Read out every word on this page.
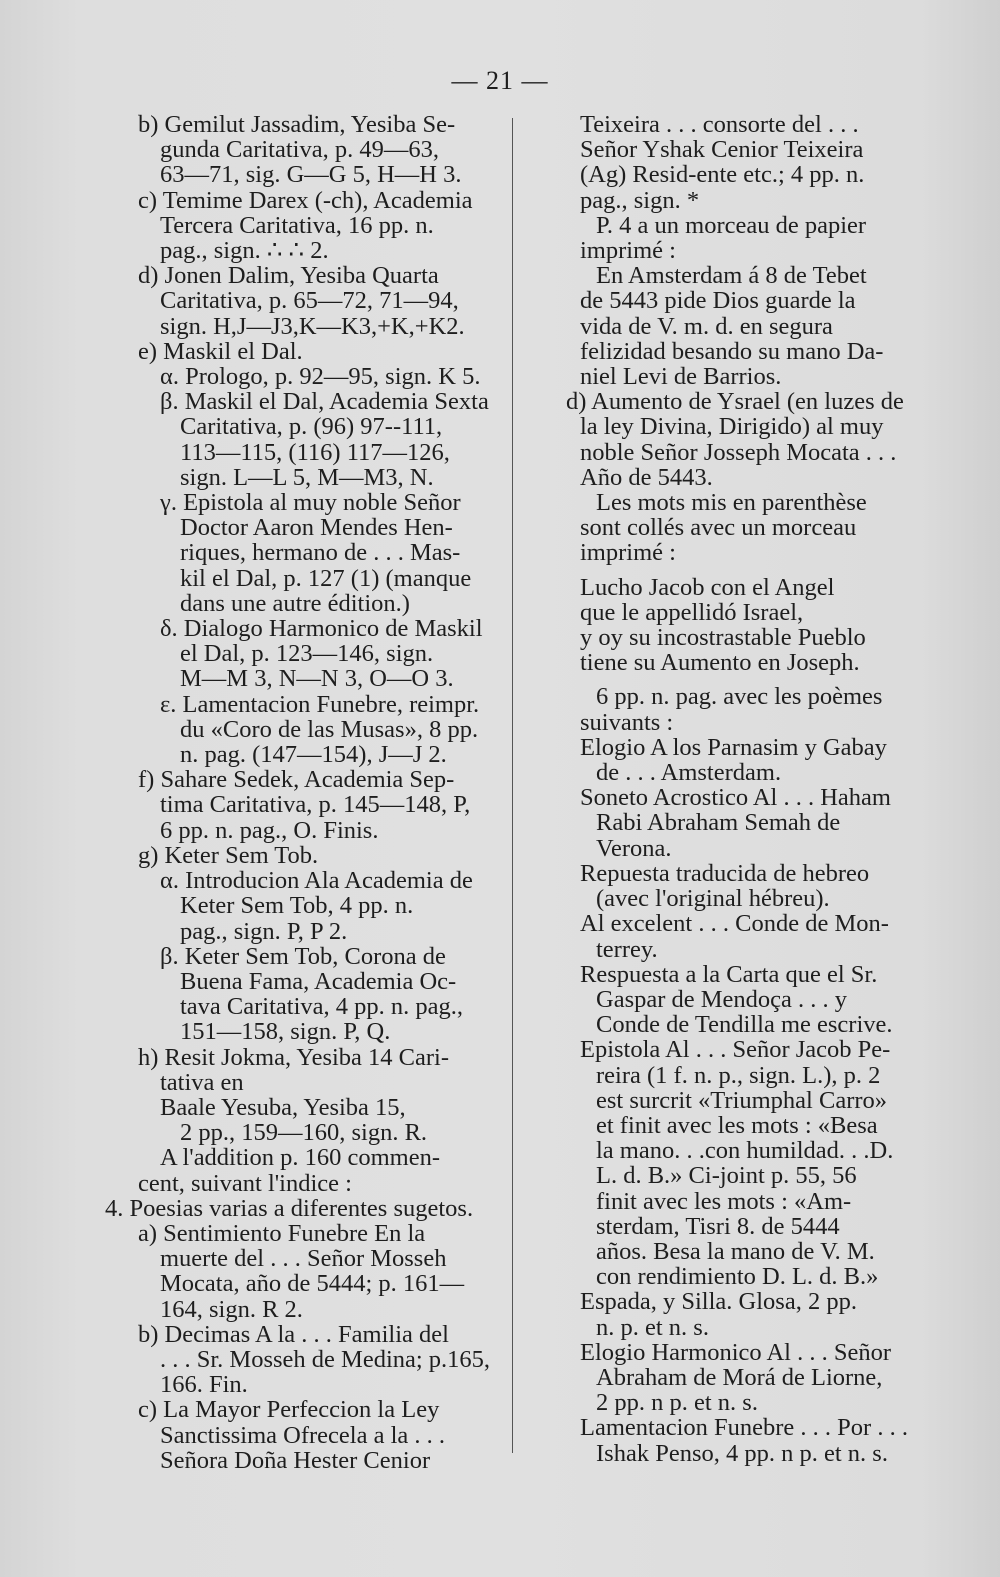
— 21 —
b) Gemilut Jassadim, Yesiba Se-
gunda Caritativa, p. 49—63,
63—71, sig. G—G 5, H—H 3.
c) Temime Darex (-ch), Academia
Tercera Caritativa, 16 pp. n.
pag., sign. ∴ ∴ 2.
d) Jonen Dalim, Yesiba Quarta
Caritativa, p. 65—72, 71—94,
sign. H,J—J3,K—K3,+K,+K2.
e) Maskil el Dal.
α. Prologo, p. 92—95, sign. K 5.
β. Maskil el Dal, Academia Sexta
Caritativa, p. (96) 97--111,
113—115, (116) 117—126,
sign. L—L 5, M—M3, N.
γ. Epistola al muy noble Señor
Doctor Aaron Mendes Hen-
riques, hermano de . . . Mas-
kil el Dal, p. 127 (1) (manque
dans une autre édition.)
δ. Dialogo Harmonico de Maskil
el Dal, p. 123—146, sign.
M—M 3, N—N 3, O—O 3.
ε. Lamentacion Funebre, reimpr.
du «Coro de las Musas», 8 pp.
n. pag. (147—154), J—J 2.
f) Sahare Sedek, Academia Sep-
tima Caritativa, p. 145—148, P,
6 pp. n. pag., O. Finis.
g) Keter Sem Tob.
α. Introducion Ala Academia de
Keter Sem Tob, 4 pp. n.
pag., sign. P, P 2.
β. Keter Sem Tob, Corona de
Buena Fama, Academia Oc-
tava Caritativa, 4 pp. n. pag.,
151—158, sign. P, Q.
h) Resit Jokma, Yesiba 14 Cari-
tativa en
Baale Yesuba, Yesiba 15,
2 pp., 159—160, sign. R.
A l'addition p. 160 commen-
cent, suivant l'indice :
4. Poesias varias a diferentes sugetos.
a) Sentimiento Funebre En la
muerte del . . . Señor Mosseh
Mocata, año de 5444; p. 161—
164, sign. R 2.
b) Decimas A la . . . Familia del
. . . Sr. Mosseh de Medina; p.165,
166. Fin.
c) La Mayor Perfeccion la Ley
Sanctissima Ofrecela a la . . .
Señora Doña Hester Cenior
Teixeira . . . consorte del . . .
Señor Yshak Cenior Teixeira
(Ag) Resid-ente etc.; 4 pp. n.
pag., sign. *
P. 4 a un morceau de papier
imprimé :
En Amsterdam á 8 de Tebet
de 5443 pide Dios guarde la
vida de V. m. d. en segura
felizidad besando su mano Da-
niel Levi de Barrios.
d) Aumento de Ysrael (en luzes de
la ley Divina, Dirigido) al muy
noble Señor Josseph Mocata . . .
Año de 5443.
Les mots mis en parenthèse
sont collés avec un morceau
imprimé :
Lucho Jacob con el Angel
que le appellidó Israel,
y oy su incostrastable Pueblo
tiene su Aumento en Joseph.
6 pp. n. pag. avec les poèmes
suivants :
Elogio A los Parnasim y Gabay
de . . . Amsterdam.
Soneto Acrostico Al . . . Haham
Rabi Abraham Semah de
Verona.
Repuesta traducida de hebreo
(avec l'original hébreu).
Al excelent . . . Conde de Mon-
terrey.
Respuesta a la Carta que el Sr.
Gaspar de Mendoça . . . y
Conde de Tendilla me escrive.
Epistola Al . . . Señor Jacob Pe-
reira (1 f. n. p., sign. L.), p. 2
est surcrit «Triumphal Carro»
et finit avec les mots : «Besa
la mano. . .con humildad. . .D.
L. d. B.» Ci-joint p. 55, 56
finit avec les mots : «Am-
sterdam, Tisri 8. de 5444
años. Besa la mano de V. M.
con rendimiento D. L. d. B.»
Espada, y Silla. Glosa, 2 pp.
n. p. et n. s.
Elogio Harmonico Al . . . Señor
Abraham de Morá de Liorne,
2 pp. n p. et n. s.
Lamentacion Funebre . . . Por . . .
Ishak Penso, 4 pp. n p. et n. s.
